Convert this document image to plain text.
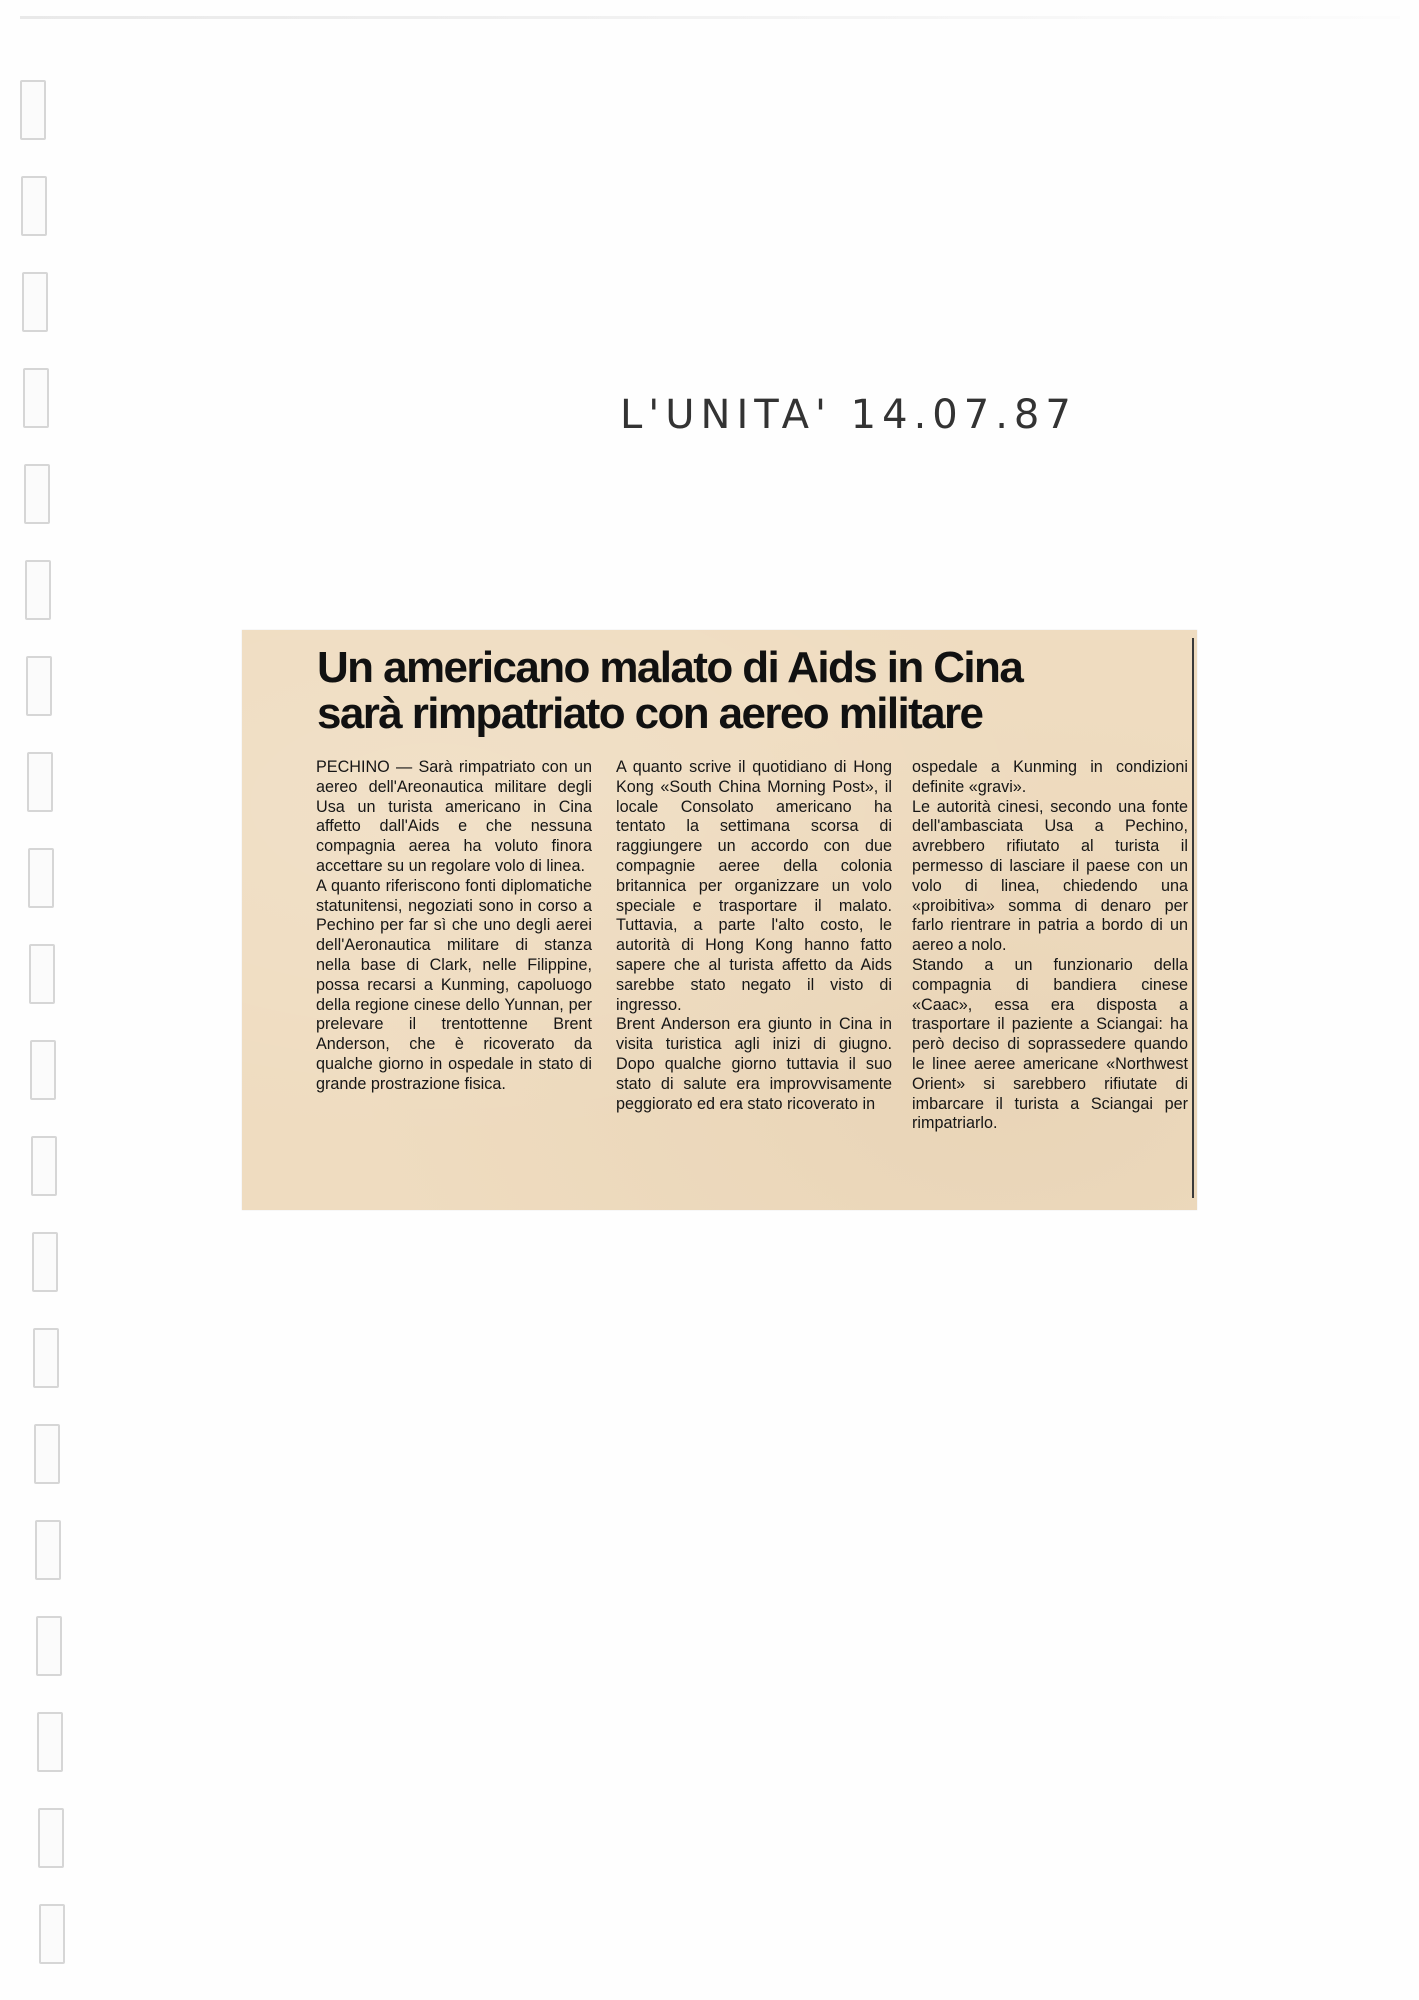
L'UNITA' 14.07.87
Un americano malato di Aids in Cina
sarà rimpatriato con aereo militare

PECHINO — Sarà rimpatriato con un aereo dell'Areonautica militare degli Usa un turista americano in Cina affetto dall'Aids e che nessuna compagnia aerea ha voluto finora accettare su un regolare volo di linea.

A quanto riferiscono fonti diplomatiche statunitensi, negoziati sono in corso a Pechino per far sì che uno degli aerei dell'Aeronautica militare di stanza nella base di Clark, nelle Filippine, possa recarsi a Kunming, capoluogo della regione cinese dello Yunnan, per prelevare il trentottenne Brent Anderson, che è ricoverato da qualche giorno in ospedale in stato di grande prostrazione fisica.

A quanto scrive il quotidiano di Hong Kong «South China Morning Post», il locale Consolato americano ha tentato la settimana scorsa di raggiungere un accordo con due compagnie aeree della colonia britannica per organizzare un volo speciale e trasportare il malato. Tuttavia, a parte l'alto costo, le autorità di Hong Kong hanno fatto sapere che al turista affetto da Aids sarebbe stato negato il visto di ingresso.

Brent Anderson era giunto in Cina in visita turistica agli inizi di giugno. Dopo qualche giorno tuttavia il suo stato di salute era improvvisamente peggiorato ed era stato ricoverato in

ospedale a Kunming in condizioni definite «gravi».

Le autorità cinesi, secondo una fonte dell'ambasciata Usa a Pechino, avrebbero rifiutato al turista il permesso di lasciare il paese con un volo di linea, chiedendo una «proibitiva» somma di denaro per farlo rientrare in patria a bordo di un aereo a nolo.

Stando a un funzionario della compagnia di bandiera cinese «Caac», essa era disposta a trasportare il paziente a Sciangai: ha però deciso di soprassedere quando le linee aeree americane «Northwest Orient» si sarebbero rifiutate di imbarcare il turista a Sciangai per rimpatriarlo.
